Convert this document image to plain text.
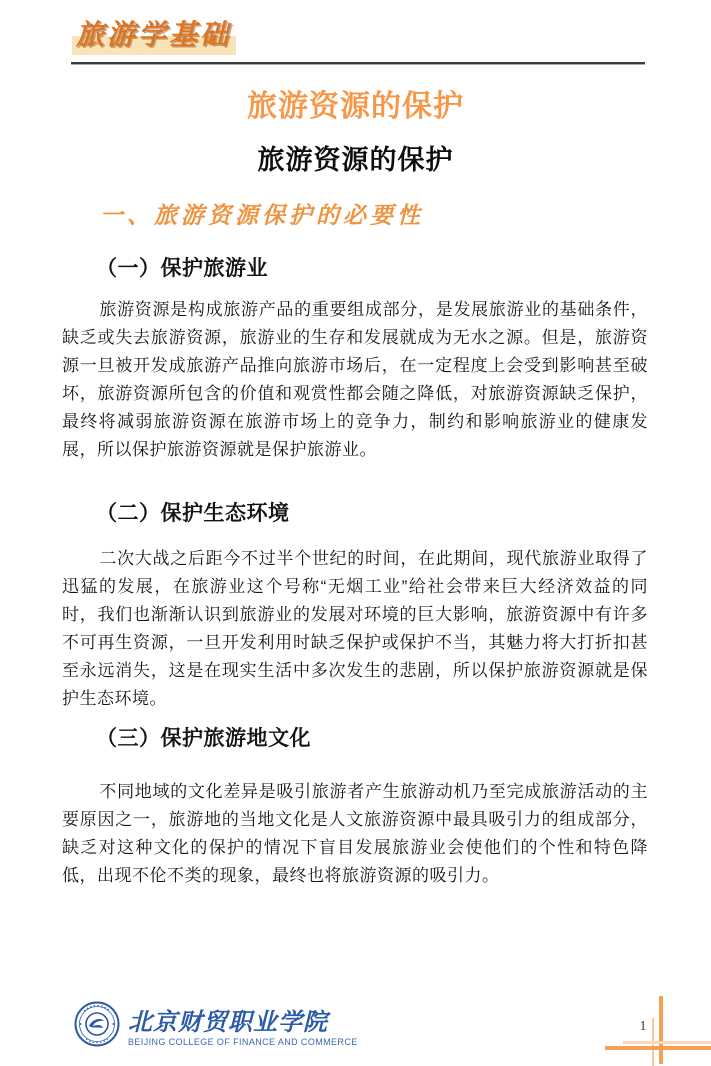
旅游学基础
旅游资源的保护
旅游资源的保护
一、旅游资源保护的必要性
（一）保护旅游业
旅游资源是构成旅游产品的重要组成部分，是发展旅游业的基础条件，缺乏或失去旅游资源，旅游业的生存和发展就成为无水之源。但是，旅游资源一旦被开发成旅游产品推向旅游市场后，在一定程度上会受到影响甚至破坏，旅游资源所包含的价值和观赏性都会随之降低，对旅游资源缺乏保护，最终将减弱旅游资源在旅游市场上的竞争力，制约和影响旅游业的健康发展，所以保护旅游资源就是保护旅游业。
（二）保护生态环境
二次大战之后距今不过半个世纪的时间，在此期间，现代旅游业取得了迅猛的发展，在旅游业这个号称“无烟工业”给社会带来巨大经济效益的同时，我们也渐渐认识到旅游业的发展对环境的巨大影响，旅游资源中有许多不可再生资源，一旦开发利用时缺乏保护或保护不当，其魅力将大打折扣甚至永远消失，这是在现实生活中多次发生的悲剧，所以保护旅游资源就是保护生态环境。
（三）保护旅游地文化
不同地域的文化差异是吸引旅游者产生旅游动机乃至完成旅游活动的主要原因之一，旅游地的当地文化是人文旅游资源中最具吸引力的组成部分，缺乏对这种文化的保护的情况下盲目发展旅游业会使他们的个性和特色降低，出现不伦不类的现象，最终也将旅游资源的吸引力。
北京财贸职业学院
BEIJING COLLEGE OF FINANCE AND COMMERCE
1
